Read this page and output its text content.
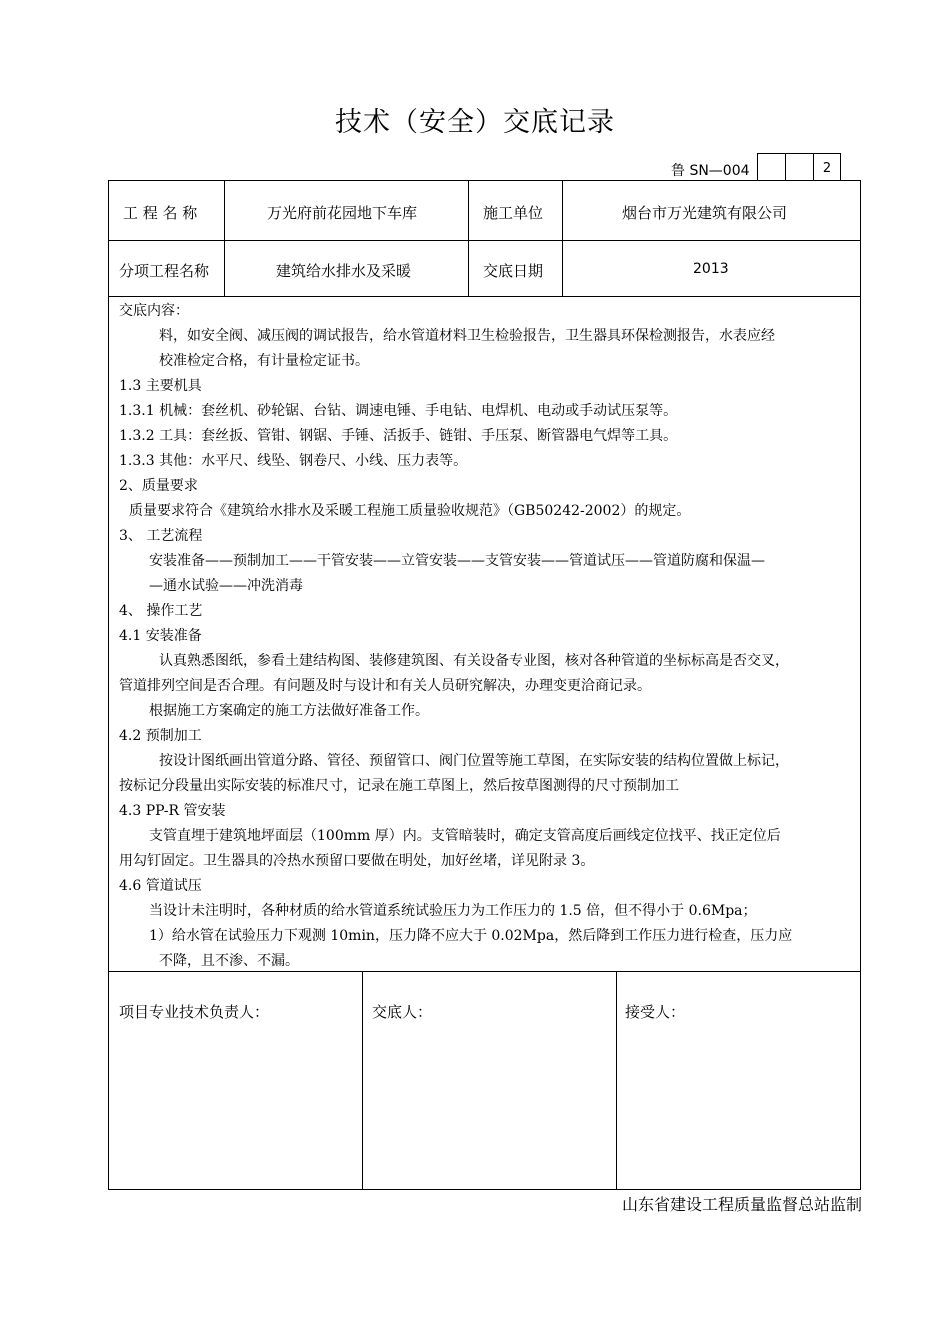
技术（安全）交底记录
鲁 SN—004	2
工 程 名 称	万光府前花园地下车库	施工单位	烟台市万光建筑有限公司
分项工程名称	建筑给水排水及采暖	交底日期	2013
交底内容：
料，如安全阀、减压阀的调试报告，给水管道材料卫生检验报告，卫生器具环保检测报告，水表应经
校准检定合格，有计量检定证书。
1.3 主要机具
1.3.1 机械：套丝机、砂轮锯、台钻、调速电锤、手电钻、电焊机、电动或手动试压泵等。
1.3.2 工具：套丝扳、管钳、钢锯、手锤、活扳手、链钳、手压泵、断管器电气焊等工具。
1.3.3 其他：水平尺、线坠、钢卷尺、小线、压力表等。
2、质量要求
质量要求符合《建筑给水排水及采暖工程施工质量验收规范》（GB50242-2002）的规定。
3、 工艺流程
安装准备——预制加工——干管安装——立管安装——支管安装——管道试压——管道防腐和保温—
—通水试验——冲洗消毒
4、 操作工艺
4.1 安装准备
认真熟悉图纸，参看土建结构图、装修建筑图、有关设备专业图，核对各种管道的坐标标高是否交叉，
管道排列空间是否合理。有问题及时与设计和有关人员研究解决，办理变更洽商记录。
根据施工方案确定的施工方法做好准备工作。
4.2 预制加工
按设计图纸画出管道分路、管径、预留管口、阀门位置等施工草图，在实际安装的结构位置做上标记，
按标记分段量出实际安装的标准尺寸，记录在施工草图上，然后按草图测得的尺寸预制加工
4.3 PP-R 管安装
支管直埋于建筑地坪面层（100mm 厚）内。支管暗装时，确定支管高度后画线定位找平、找正定位后
用勾钉固定。卫生器具的冷热水预留口要做在明处，加好丝堵，详见附录 3。
4.6 管道试压
当设计未注明时，各种材质的给水管道系统试验压力为工作压力的 1.5 倍，但不得小于 0.6Mpa；
1）给水管在试验压力下观测 10min，压力降不应大于 0.02Mpa，然后降到工作压力进行检查，压力应
不降，且不渗、不漏。
项目专业技术负责人：	交底人：	接受人：
山东省建设工程质量监督总站监制
